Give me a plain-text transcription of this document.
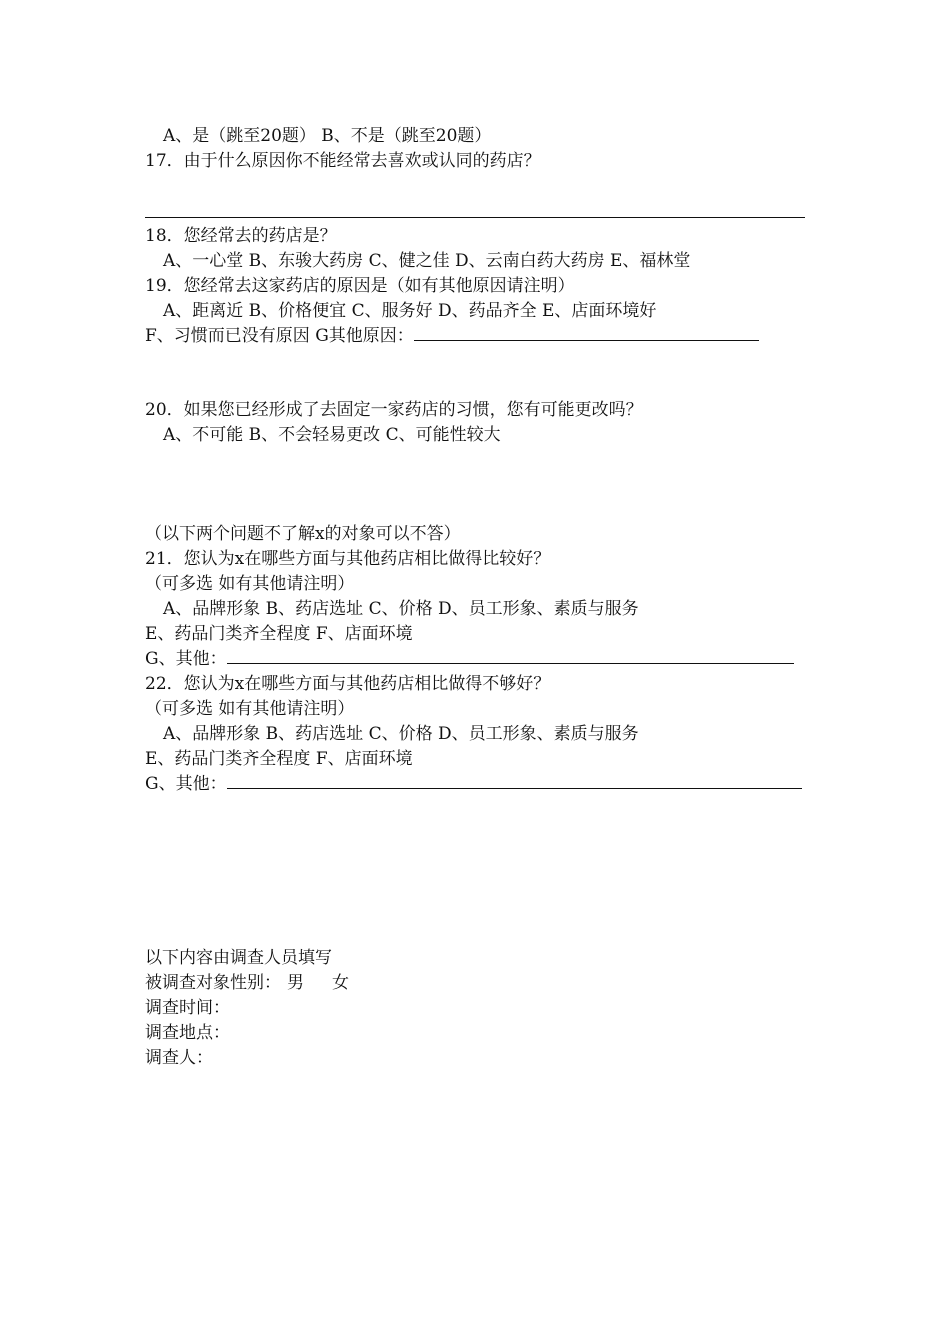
A、是（跳至20题） B、不是（跳至20题）
17．由于什么原因你不能经常去喜欢或认同的药店？
18．您经常去的药店是？
A、一心堂 B、东骏大药房 C、健之佳 D、云南白药大药房 E、福林堂
19．您经常去这家药店的原因是（如有其他原因请注明）
A、距离近 B、价格便宜 C、服务好 D、药品齐全 E、店面环境好
F、习惯而已没有原因 G其他原因：
20．如果您已经形成了去固定一家药店的习惯，您有可能更改吗？
A、不可能 B、不会轻易更改 C、可能性较大
（以下两个问题不了解x的对象可以不答）
21．您认为x在哪些方面与其他药店相比做得比较好？
（可多选 如有其他请注明）
A、品牌形象 B、药店选址 C、价格 D、员工形象、素质与服务
E、药品门类齐全程度 F、店面环境
G、其他：
22．您认为x在哪些方面与其他药店相比做得不够好？
（可多选 如有其他请注明）
A、品牌形象 B、药店选址 C、价格 D、员工形象、素质与服务
E、药品门类齐全程度 F、店面环境
G、其他：
以下内容由调查人员填写
被调查对象性别： 男 女
调查时间：
调查地点：
调查人：
